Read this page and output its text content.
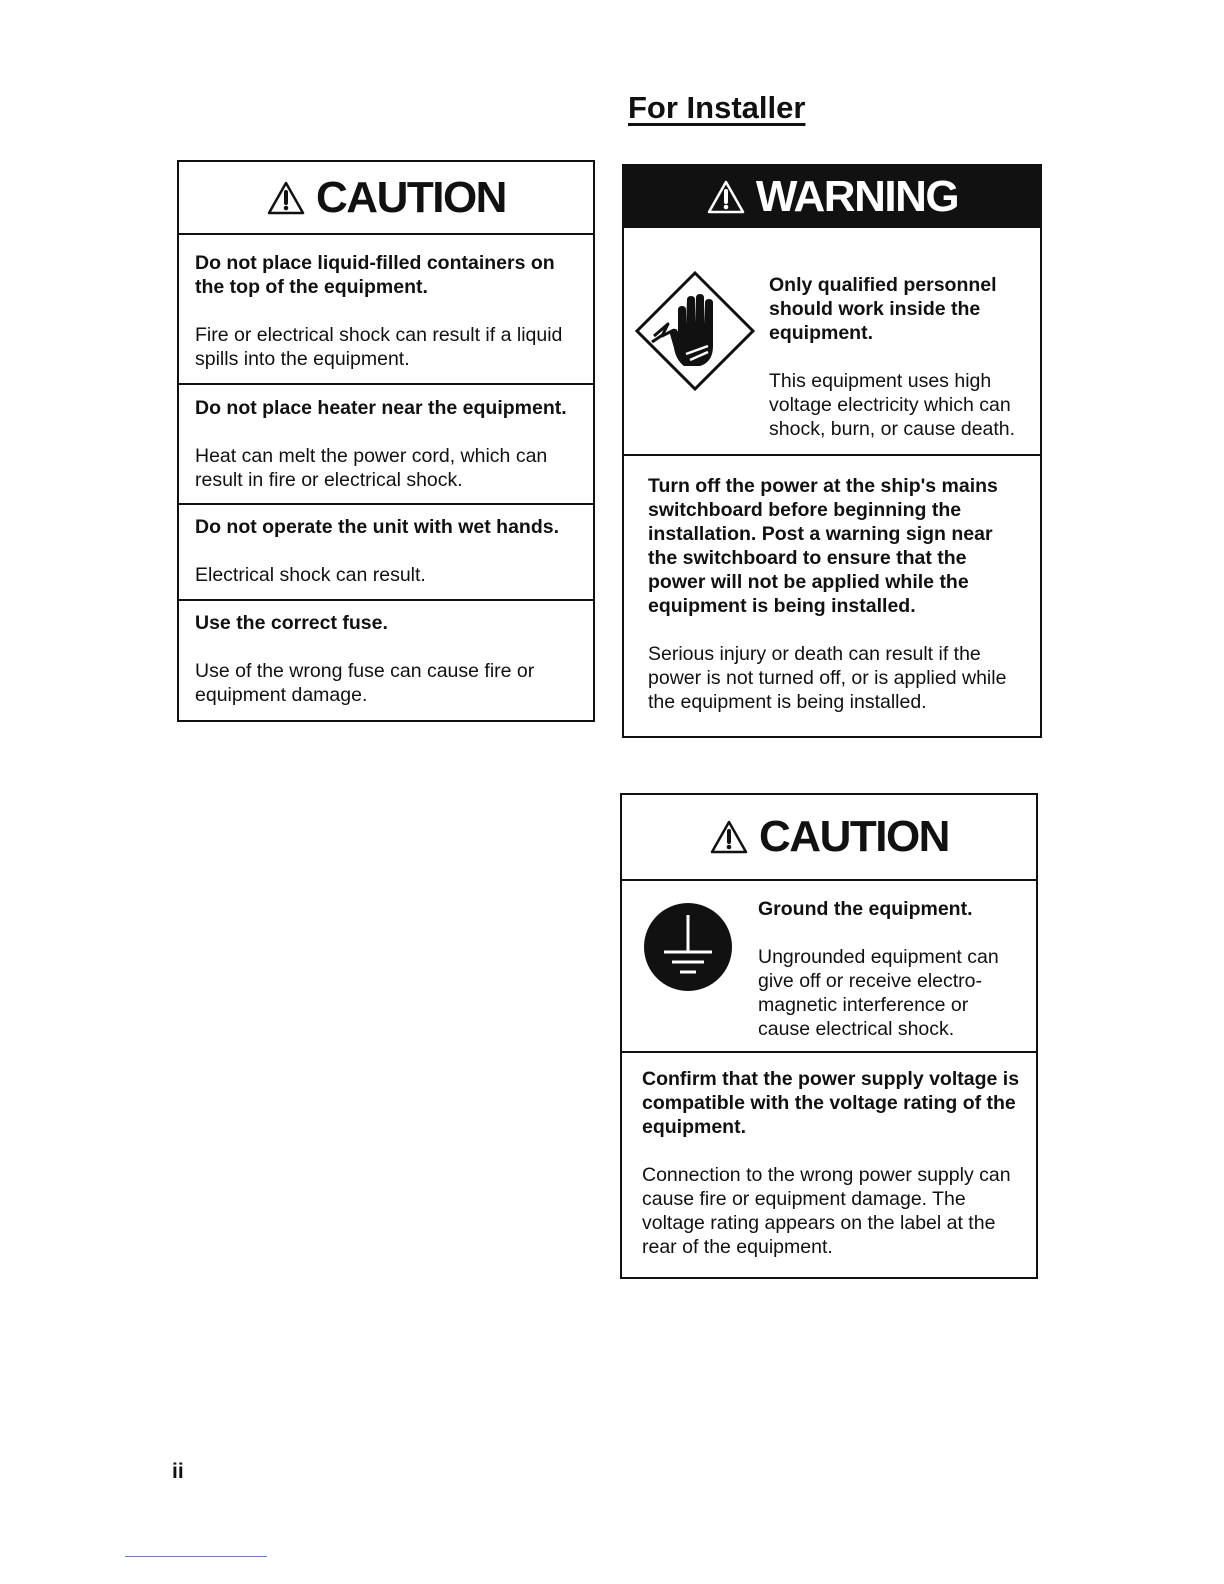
For Installer
CAUTION

Do not place liquid-filled containers on the top of the equipment.

Fire or electrical shock can result if a liquid spills into the equipment.

Do not place heater near the equipment.

Heat can melt the power cord, which can result in fire or electrical shock.

Do not operate the unit with wet hands.

Electrical shock can result.

Use the correct fuse.

Use of the wrong fuse can cause fire or equipment damage.

WARNING

Only qualified personnel should work inside the equipment.

This equipment uses high voltage electricity which can shock, burn, or cause death.

Turn off the power at the ship's mains switchboard before beginning the installation. Post a warning sign near the switchboard to ensure that the power will not be applied while the equipment is being installed.

Serious injury or death can result if the power is not turned off, or is applied while the equipment is being installed.

CAUTION

Ground the equipment.

Ungrounded equipment can give off or receive electro-magnetic interference or cause electrical shock.

Confirm that the power supply voltage is compatible with the voltage rating of the equipment.

Connection to the wrong power supply can cause fire or equipment damage. The voltage rating appears on the label at the rear of the equipment.

ii
